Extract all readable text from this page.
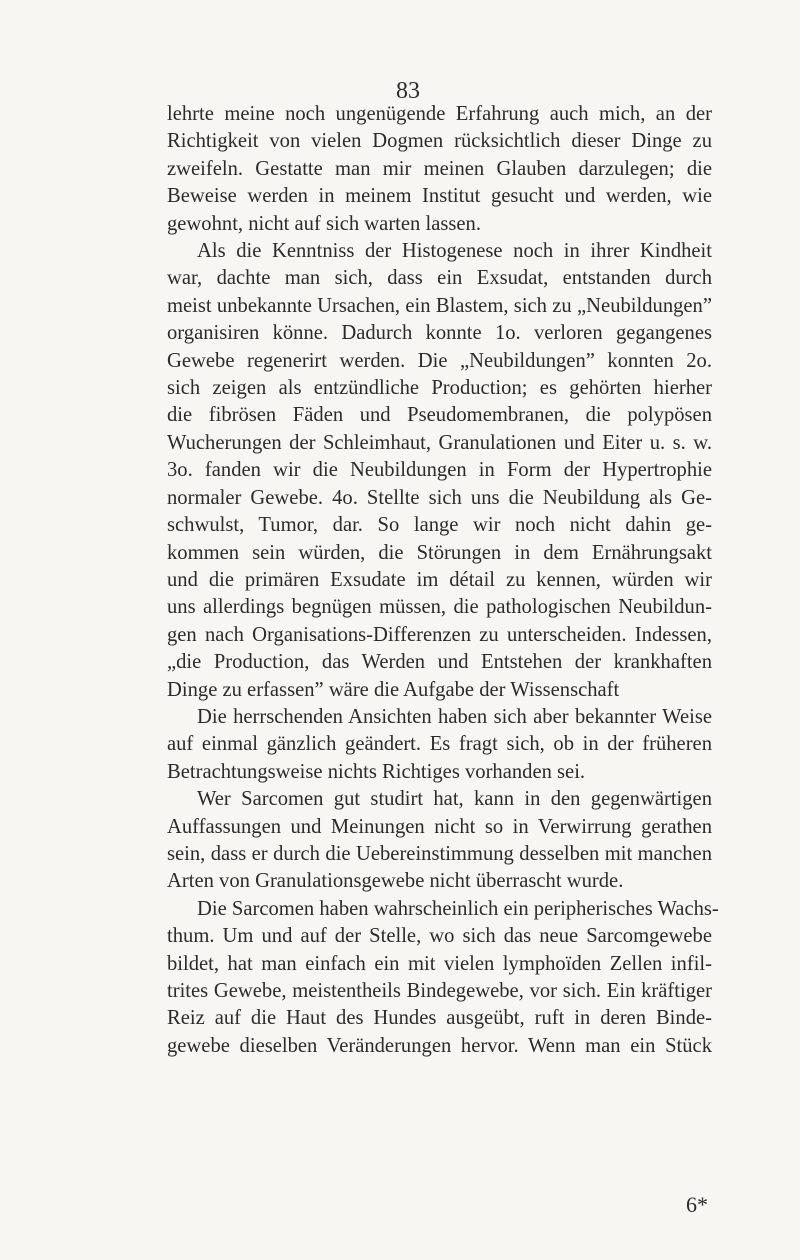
83
lehrte meine noch ungenügende Erfahrung auch mich, an der
Richtigkeit von vielen Dogmen rücksichtlich dieser Dinge zu
zweifeln. Gestatte man mir meinen Glauben darzulegen; die
Beweise werden in meinem Institut gesucht und werden, wie
gewohnt, nicht auf sich warten lassen.
Als die Kenntniss der Histogenese noch in ihrer Kindheit
war, dachte man sich, dass ein Exsudat, entstanden durch
meist unbekannte Ursachen, ein Blastem, sich zu „Neubildungen”
organisiren könne. Dadurch konnte 1o. verloren gegangenes
Gewebe regenerirt werden. Die „Neubildungen” konnten 2o.
sich zeigen als entzündliche Production; es gehörten hierher
die fibrösen Fäden und Pseudomembranen, die polypösen
Wucherungen der Schleimhaut, Granulationen und Eiter u. s. w.
3o. fanden wir die Neubildungen in Form der Hypertrophie
normaler Gewebe. 4o. Stellte sich uns die Neubildung als Ge-
schwulst, Tumor, dar. So lange wir noch nicht dahin ge-
kommen sein würden, die Störungen in dem Ernährungsakt
und die primären Exsudate im détail zu kennen, würden wir
uns allerdings begnügen müssen, die pathologischen Neubildun-
gen nach Organisations-Differenzen zu unterscheiden. Indessen,
„die Production, das Werden und Entstehen der krankhaften
Dinge zu erfassen” wäre die Aufgabe der Wissenschaft
Die herrschenden Ansichten haben sich aber bekannter Weise
auf einmal gänzlich geändert. Es fragt sich, ob in der früheren
Betrachtungsweise nichts Richtiges vorhanden sei.
Wer Sarcomen gut studirt hat, kann in den gegenwärtigen
Auffassungen und Meinungen nicht so in Verwirrung gerathen
sein, dass er durch die Uebereinstimmung desselben mit manchen
Arten von Granulationsgewebe nicht überrascht wurde.
Die Sarcomen haben wahrscheinlich ein peripherisches Wachs-
thum. Um und auf der Stelle, wo sich das neue Sarcomgewebe
bildet, hat man einfach ein mit vielen lymphoïden Zellen infil-
trites Gewebe, meistentheils Bindegewebe, vor sich. Ein kräftiger
Reiz auf die Haut des Hundes ausgeübt, ruft in deren Binde-
gewebe dieselben Veränderungen hervor. Wenn man ein Stück
6*
